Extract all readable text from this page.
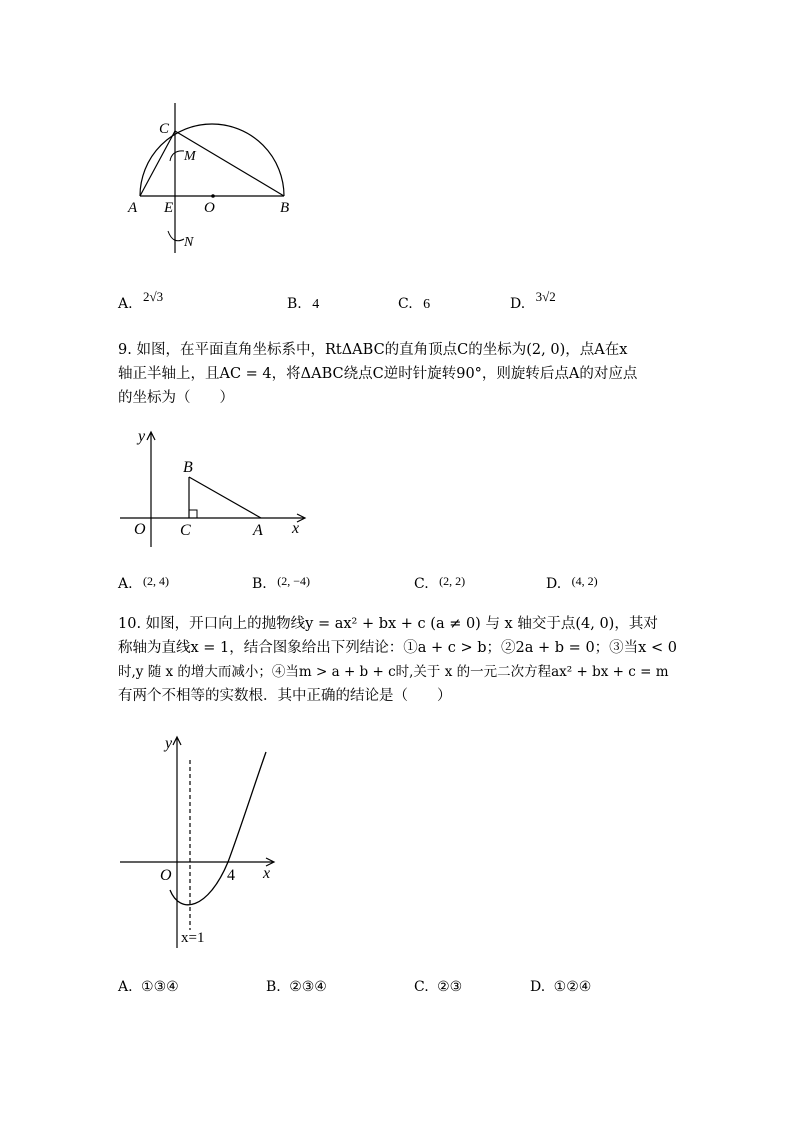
C
M
A E O	B
N
A. 2√3	B. 4	C. 6	D. 3√2
9. 如图，在平面直角坐标系中，RtΔABC的直角顶点C的坐标为(2, 0)，点A在x
轴正半轴上，且AC = 4，将ΔABC绕点C逆时针旋转90°，则旋转后点A的对应点
的坐标为（　　）
y
B
O C	A x
A. (2, 4)	B. (2, −4)	C. (2, 2)	D. (4, 2)
10. 如图，开口向上的抛物线y = ax² + bx + c (a ≠ 0) 与 x 轴交于点(4, 0)，其对
称轴为直线x = 1，结合图象给出下列结论：①a + c > b；②2a + b = 0；③当x < 0
时,y 随 x 的增大而减小；④当m > a + b + c时,关于 x 的一元二次方程ax² + bx + c = m
有两个不相等的实数根．其中正确的结论是（　　）
y
O	4 x
x=1
A. ①③④	B. ②③④	C. ②③	D. ①②④
